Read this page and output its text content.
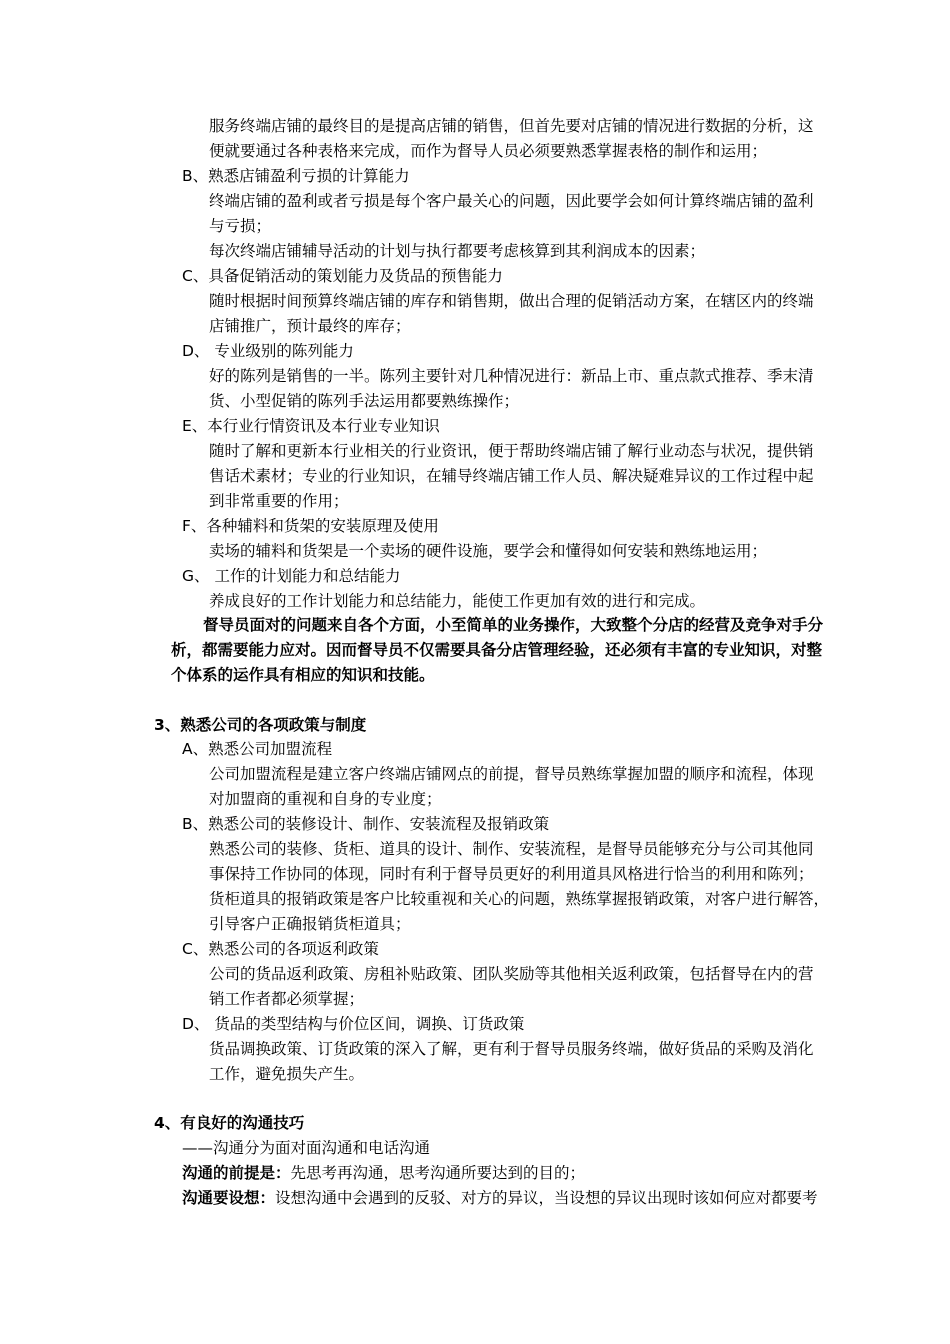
服务终端店铺的最终目的是提高店铺的销售，但首先要对店铺的情况进行数据的分析，这
便就要通过各种表格来完成，而作为督导人员必须要熟悉掌握表格的制作和运用；
B、熟悉店铺盈利亏损的计算能力
终端店铺的盈利或者亏损是每个客户最关心的问题，因此要学会如何计算终端店铺的盈利
与亏损；
每次终端店铺辅导活动的计划与执行都要考虑核算到其利润成本的因素；
C、具备促销活动的策划能力及货品的预售能力
随时根据时间预算终端店铺的库存和销售期，做出合理的促销活动方案，在辖区内的终端
店铺推广，预计最终的库存；
D、 专业级别的陈列能力
好的陈列是销售的一半。陈列主要针对几种情况进行：新品上市、重点款式推荐、季末清
货、小型促销的陈列手法运用都要熟练操作；
E、本行业行情资讯及本行业专业知识
随时了解和更新本行业相关的行业资讯，便于帮助终端店铺了解行业动态与状况，提供销
售话术素材；专业的行业知识，在辅导终端店铺工作人员、解决疑难异议的工作过程中起
到非常重要的作用；
F、各种辅料和货架的安装原理及使用
卖场的辅料和货架是一个卖场的硬件设施，要学会和懂得如何安装和熟练地运用；
G、 工作的计划能力和总结能力
养成良好的工作计划能力和总结能力，能使工作更加有效的进行和完成。
督导员面对的问题来自各个方面，小至简单的业务操作，大致整个分店的经营及竞争对手分
析，都需要能力应对。因而督导员不仅需要具备分店管理经验，还必须有丰富的专业知识，对整
个体系的运作具有相应的知识和技能。
3、熟悉公司的各项政策与制度
A、熟悉公司加盟流程
公司加盟流程是建立客户终端店铺网点的前提，督导员熟练掌握加盟的顺序和流程，体现
对加盟商的重视和自身的专业度；
B、熟悉公司的装修设计、制作、安装流程及报销政策
熟悉公司的装修、货柜、道具的设计、制作、安装流程，是督导员能够充分与公司其他同
事保持工作协同的体现，同时有利于督导员更好的利用道具风格进行恰当的利用和陈列；
货柜道具的报销政策是客户比较重视和关心的问题，熟练掌握报销政策，对客户进行解答，
引导客户正确报销货柜道具；
C、熟悉公司的各项返利政策
公司的货品返利政策、房租补贴政策、团队奖励等其他相关返利政策，包括督导在内的营
销工作者都必须掌握；
D、 货品的类型结构与价位区间，调换、订货政策
货品调换政策、订货政策的深入了解，更有利于督导员服务终端，做好货品的采购及消化
工作，避免损失产生。
4、有良好的沟通技巧
——沟通分为面对面沟通和电话沟通
沟通的前提是：先思考再沟通，思考沟通所要达到的目的；
沟通要设想：设想沟通中会遇到的反驳、对方的异议，当设想的异议出现时该如何应对都要考
